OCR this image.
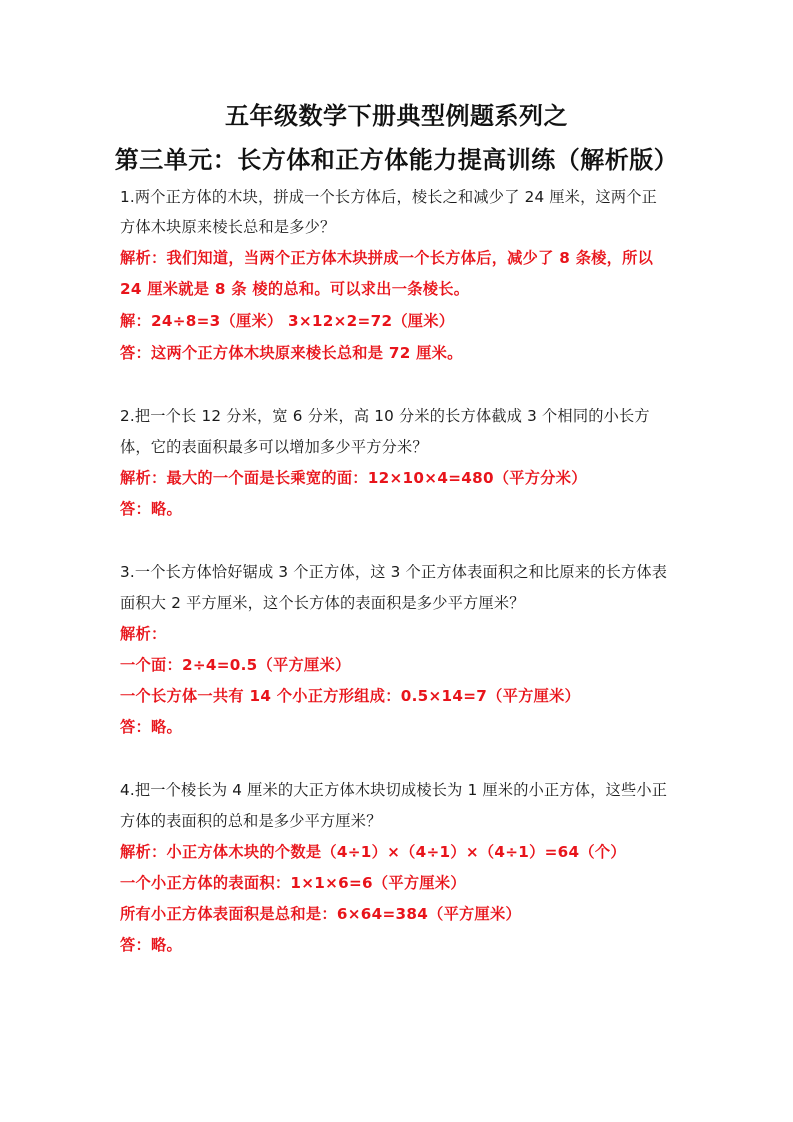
五年级数学下册典型例题系列之
第三单元：长方体和正方体能力提高训练（解析版）
1.两个正方体的木块，拼成一个长方体后，棱长之和减少了 24 厘米，这两个正
方体木块原来棱长总和是多少？
解析：我们知道，当两个正方体木块拼成一个长方体后，减少了 8 条棱，所以
24 厘米就是 8 条 棱的总和。可以求出一条棱长。
解：24÷8=3（厘米） 3×12×2=72（厘米）
答：这两个正方体木块原来棱长总和是 72 厘米。
2.把一个长 12 分米，宽 6 分米，高 10 分米的长方体截成 3 个相同的小长方
体，它的表面积最多可以增加多少平方分米？
解析：最大的一个面是长乘宽的面：12×10×4=480（平方分米）
答：略。
3.一个长方体恰好锯成 3 个正方体，这 3 个正方体表面积之和比原来的长方体表
面积大 2 平方厘米，这个长方体的表面积是多少平方厘米？
解析：
一个面：2÷4=0.5（平方厘米）
一个长方体一共有 14 个小正方形组成：0.5×14=7（平方厘米）
答：略。
4.把一个棱长为 4 厘米的大正方体木块切成棱长为 1 厘米的小正方体，这些小正
方体的表面积的总和是多少平方厘米？
解析：小正方体木块的个数是（4÷1）×（4÷1）×（4÷1）=64（个）
一个小正方体的表面积：1×1×6=6（平方厘米）
所有小正方体表面积是总和是：6×64=384（平方厘米）
答：略。
